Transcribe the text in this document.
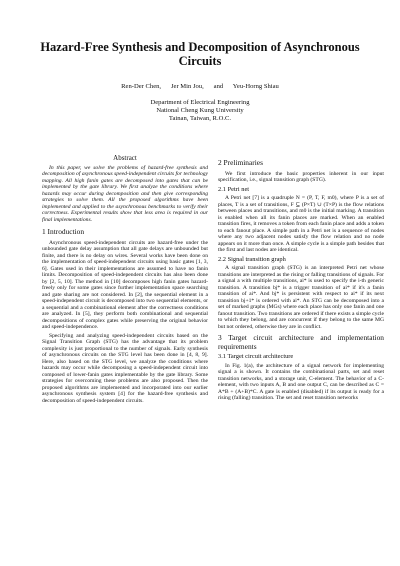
Hazard-Free Synthesis and Decomposition of Asynchronous Circuits
Ren-Der Chen,      Jer Min Jou,      and      Yeu-Horng Shiau
Department of Electrical Engineering
National Cheng Kung University
Tainan, Taiwan, R.O.C.
Abstract

In this paper, we solve the problems of hazard-free synthesis and decomposition of asynchronous speed-independent circuits for technology mapping. All high fanin gates are decomposed into gates that can be implemented by the gate library. We first analyze the conditions where hazards may occur during decomposition and then give corresponding strategies to solve them. All the proposed algorithms have been implemented and applied to the asynchronous benchmarks to verify their correctness. Experimental results show that less area is required in our final implementations.

1 Introduction

Asynchronous speed-independent circuits are hazard-free under the unbounded gate delay assumption that all gate delays are unbounded but finite, and there is no delay on wires. Several works have been done on the implementation of speed-independent circuits using basic gates [1, 3, 6]. Gates used in their implementations are assumed to have no fanin limits. Decomposition of speed-independent circuits has also been done by [2, 5, 10]. The method in [10] decomposes high fanin gates hazard-freely only for some gates since further implementation space searching and gate sharing are not considered. In [2], the sequential element in a speed-independent circuit is decomposed into two sequential elements, or a sequential and a combinational element after the correctness conditions are analyzed. In [5], they perform both combinational and sequential decompositions of complex gates while preserving the original behavior and speed-independence.

Specifying and analyzing speed-independent circuits based on the Signal Transition Graph (STG) has the advantage that its problem complexity is just proportional to the number of signals. Early synthesis of asynchronous circuits on the STG level has been done in [4, 8, 9]. Here, also based on the STG level, we analyze the conditions where hazards may occur while decomposing a speed-independent circuit into composed of lower-fanin gates implementable by the gate library. Some strategies for overcoming these problems are also proposed. Then the proposed algorithms are implemented and incorporated into our earlier asynchronous synthesis system [4] for the hazard-free synthesis and decomposition of speed-independent circuits.

2 Preliminaries

We first introduce the basic properties inherent in our input specification, i.e., signal transition graph (STG).

2.1 Petri net

A Petri net [7] is a quadruple N = (P, T, F, m0), where P is a set of places, T is a set of transitions, F ⊆ (P×T) ∪ (T×P) is the flow relations between places and transitions, and m0 is the initial marking. A transition is enabled when all its fanin places are marked. When an enabled transition fires, it removes a token from each fanin place and adds a token to each fanout place. A simple path in a Petri net is a sequence of nodes where any two adjacent nodes satisfy the flow relation and no node appears on it more than once. A simple cycle is a simple path besides that the first and last nodes are identical.

2.2 Signal transition graph

A signal transition graph (STG) is an interpreted Petri net whose transitions are interpreted as the rising or falling transitions of signals. For a signal a with multiple transitions, ai* is used to specify the i-th generic transition. A transition bj* is a trigger transition of ai* if it's a fanin transition of ai*. And bj* is persistent with respect to ai* if its next transition bj+1* is ordered with ai*. An STG can be decomposed into a set of marked graphs (MGs) where each place has only one fanin and one fanout transition. Two transitions are ordered if there exists a simple cycle to which they belong, and are concurrent if they belong to the same MG but not ordered, otherwise they are in conflict.

3 Target circuit architecture and implementation requirements
3.1 Target circuit architecture

In Fig. 1(a), the architecture of a signal network for implementing signal a is shown. It contains the combinational parts, set and reset transition networks, and a storage unit, C-element. The behavior of a C-element, with two inputs A, B and one output C, can be described as C = A*B + (A+B)*C. A gate is enabled (disabled) if its output is ready for a rising (falling) transition. The set and reset transition networks
